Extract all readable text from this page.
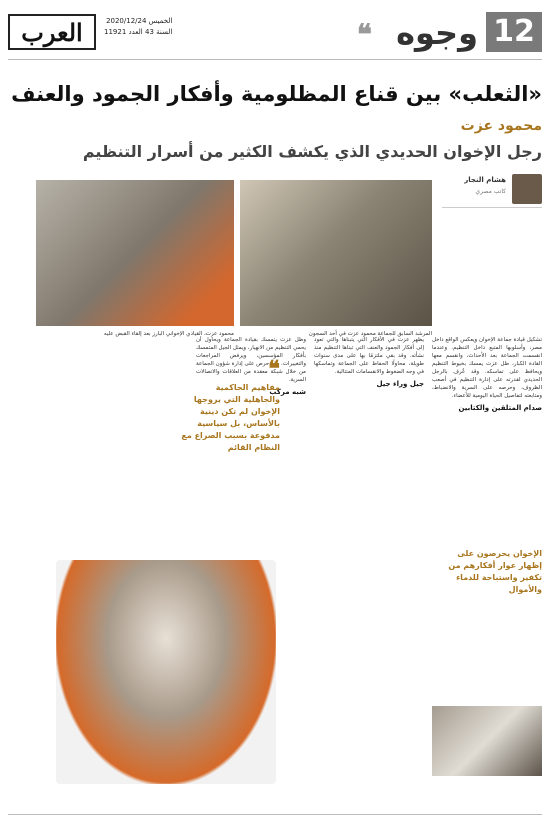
12
وجوه
❝
العرب	الخميس 2020/12/24
السنة 43 العدد 11921
«الثعلب» بين قناع المظلومية وأفكار الجمود والعنف
محمود عزت
رجل الإخوان الحديدي الذي يكشف الكثير من أسرار التنظيم
هشام النجار
كاتب مصري
المرشد السابق للجماعة محمود عزت في أحد السجون
محمود عزت، القيادي الإخواني البارز بعد إلقاء القبض عليه
تشكيل قيادة جماعة الإخوان ويعكس الواقع داخل مصر، وأسلوبها المتبع داخل التنظيم. وعندما انقسمت الجماعة بعد الأحداث، وانقسم معها القادة الكبار، ظل عزت يمسك بخيوط التنظيم ويحافظ على تماسكه. وقد عُرف بالرجل الحديدي لقدرته على إدارة التنظيم في أصعب الظروف، وحرصه على السرية والانضباط، ومتابعته لتفاصيل الحياة اليومية للأعضاء.
صدام المتلقين والكتابين
يظهر عزت في الأفكار التي يتبناها والتي تعود إلى أفكار الجمود والعنف التي تبناها التنظيم منذ نشأته. وقد بقي ملتزمًا بها على مدى سنوات طويلة، محاولًا الحفاظ على الجماعة وتماسكها في وجه الضغوط والانقسامات المتتالية.
جيل وراء جيل
وظل عزت يتمسك بقيادة الجماعة ويحاول أن يحمي التنظيم من الانهيار، ويمثل الجيل المتمسك بأفكار المؤسسين، ويرفض المراجعات والتغييرات. وقد حرص على إدارة شؤون الجماعة من خلال شبكة معقدة من العلاقات والاتصالات السرية.
شبه مركب
❝
مفاهيم الحاكمية والجاهلية التي يروجها الإخوان لم تكن دينية بالأساس، بل سياسية مدفوعة بسبب الصراع مع النظام القائم
الإخوان يحرصون على إظهار عوار أفكارهم من تكفير واستباحة للدماء والأموال
